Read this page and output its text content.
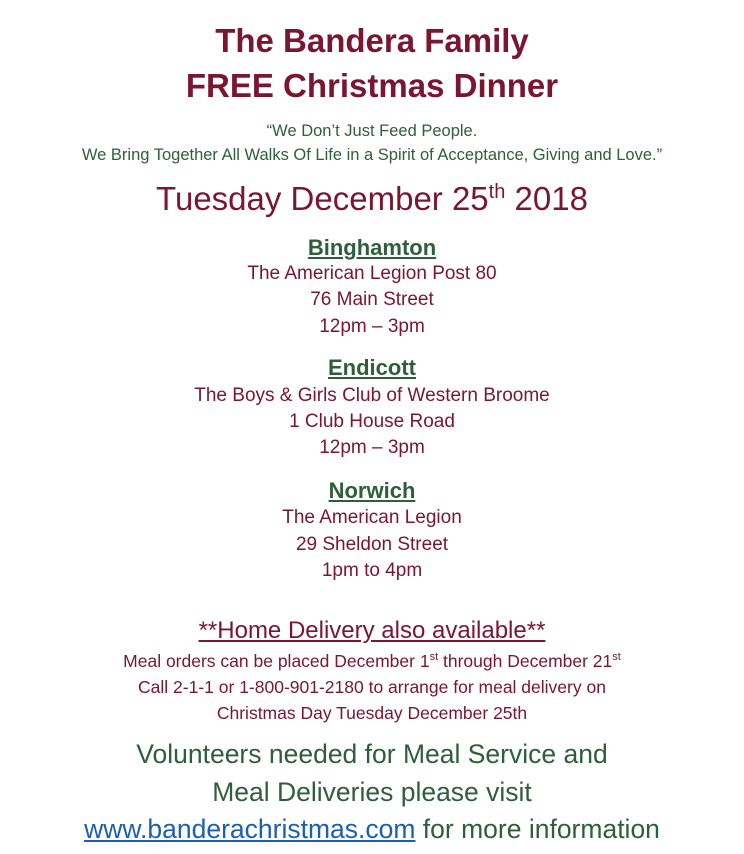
The Bandera Family

FREE Christmas Dinner

“We Don’t Just Feed People.

We Bring Together All Walks Of Life in a Spirit of Acceptance, Giving and Love.”

Tuesday December 25th 2018

Binghamton

The American Legion Post 80

76 Main Street

12pm – 3pm

Endicott

The Boys & Girls Club of Western Broome

1 Club House Road

12pm – 3pm

Norwich

The American Legion

29 Sheldon Street

1pm to 4pm

**Home Delivery also available**

Meal orders can be placed December 1st through December 21st

Call 2-1-1 or 1-800-901-2180 to arrange for meal delivery on

Christmas Day Tuesday December 25th

Volunteers needed for Meal Service and

Meal Deliveries please visit

www.banderachristmas.com for more information
